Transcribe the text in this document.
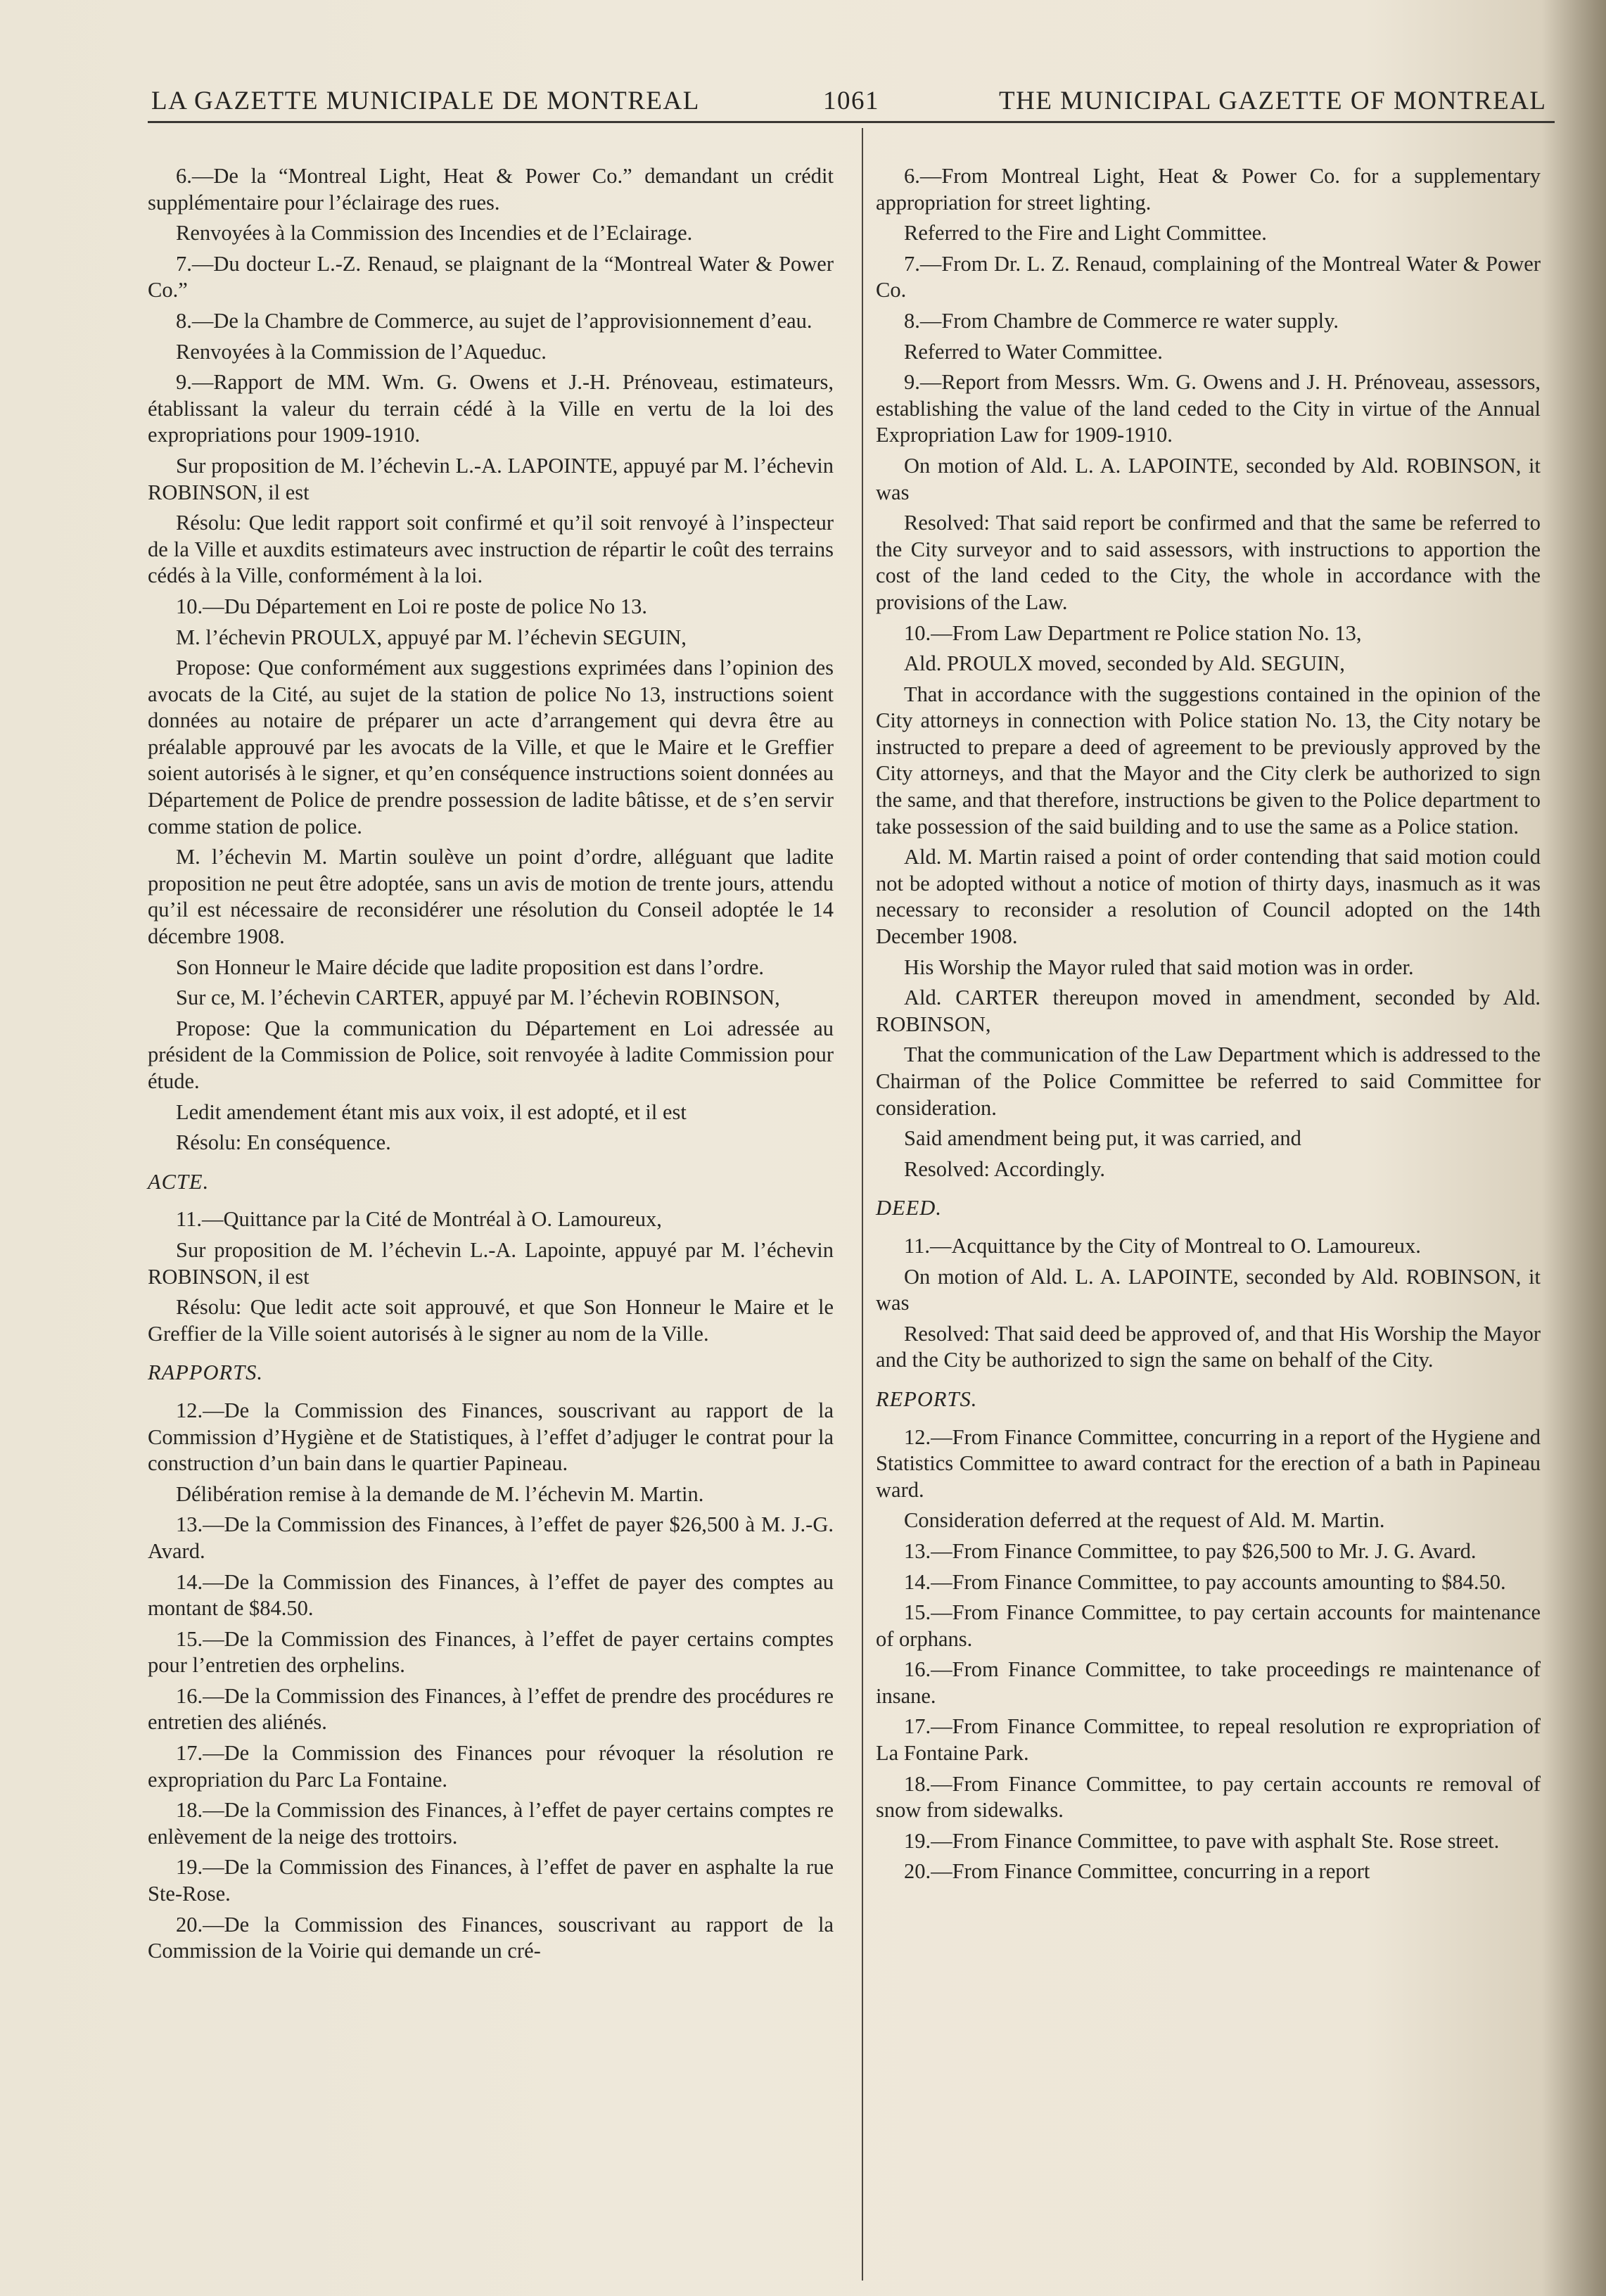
LA GAZETTE MUNICIPALE DE MONTREAL	1061	THE MUNICIPAL GAZETTE OF MONTREAL

6.—De la “Montreal Light, Heat & Power Co.” demandant un crédit supplémentaire pour l’éclairage des rues.

Renvoyées à la Commission des Incendies et de l’Eclairage.

7.—Du docteur L.-Z. Renaud, se plaignant de la “Montreal Water & Power Co.”

8.—De la Chambre de Commerce, au sujet de l’approvisionnement d’eau.

Renvoyées à la Commission de l’Aqueduc.

9.—Rapport de MM. Wm. G. Owens et J.-H. Prénoveau, estimateurs, établissant la valeur du terrain cédé à la Ville en vertu de la loi des expropriations pour 1909-1910.

Sur proposition de M. l’échevin L.-A. LAPOINTE, appuyé par M. l’échevin ROBINSON, il est

Résolu: Que ledit rapport soit confirmé et qu’il soit renvoyé à l’inspecteur de la Ville et auxdits estimateurs avec instruction de répartir le coût des terrains cédés à la Ville, conformément à la loi.

10.—Du Département en Loi re poste de police No 13.

M. l’échevin PROULX, appuyé par M. l’échevin SEGUIN,

Propose: Que conformément aux suggestions exprimées dans l’opinion des avocats de la Cité, au sujet de la station de police No 13, instructions soient données au notaire de préparer un acte d’arrangement qui devra être au préalable approuvé par les avocats de la Ville, et que le Maire et le Greffier soient autorisés à le signer, et qu’en conséquence instructions soient données au Département de Police de prendre possession de ladite bâtisse, et de s’en servir comme station de police.

M. l’échevin M. Martin soulève un point d’ordre, alléguant que ladite proposition ne peut être adoptée, sans un avis de motion de trente jours, attendu qu’il est nécessaire de reconsidérer une résolution du Conseil adoptée le 14 décembre 1908.

Son Honneur le Maire décide que ladite proposition est dans l’ordre.

Sur ce, M. l’échevin CARTER, appuyé par M. l’échevin ROBINSON,

Propose: Que la communication du Département en Loi adressée au président de la Commission de Police, soit renvoyée à ladite Commission pour étude.

Ledit amendement étant mis aux voix, il est adopté, et il est

Résolu: En conséquence.

ACTE.

11.—Quittance par la Cité de Montréal à O. Lamoureux,

Sur proposition de M. l’échevin L.-A. Lapointe, appuyé par M. l’échevin ROBINSON, il est

Résolu: Que ledit acte soit approuvé, et que Son Honneur le Maire et le Greffier de la Ville soient autorisés à le signer au nom de la Ville.

RAPPORTS.

12.—De la Commission des Finances, souscrivant au rapport de la Commission d’Hygiène et de Statistiques, à l’effet d’adjuger le contrat pour la construction d’un bain dans le quartier Papineau.

Délibération remise à la demande de M. l’échevin M. Martin.

13.—De la Commission des Finances, à l’effet de payer $26,500 à M. J.-G. Avard.

14.—De la Commission des Finances, à l’effet de payer des comptes au montant de $84.50.

15.—De la Commission des Finances, à l’effet de payer certains comptes pour l’entretien des orphelins.

16.—De la Commission des Finances, à l’effet de prendre des procédures re entretien des aliénés.

17.—De la Commission des Finances pour révoquer la résolution re expropriation du Parc La Fontaine.

18.—De la Commission des Finances, à l’effet de payer certains comptes re enlèvement de la neige des trottoirs.

19.—De la Commission des Finances, à l’effet de paver en asphalte la rue Ste-Rose.

20.—De la Commission des Finances, souscrivant au rapport de la Commission de la Voirie qui demande un cré-

6.—From Montreal Light, Heat & Power Co. for a supplementary appropriation for street lighting.

Referred to the Fire and Light Committee.

7.—From Dr. L. Z. Renaud, complaining of the Montreal Water & Power Co.

8.—From Chambre de Commerce re water supply.

Referred to Water Committee.

9.—Report from Messrs. Wm. G. Owens and J. H. Prénoveau, assessors, establishing the value of the land ceded to the City in virtue of the Annual Expropriation Law for 1909-1910.

On motion of Ald. L. A. LAPOINTE, seconded by Ald. ROBINSON, it was

Resolved: That said report be confirmed and that the same be referred to the City surveyor and to said assessors, with instructions to apportion the cost of the land ceded to the City, the whole in accordance with the provisions of the Law.

10.—From Law Department re Police station No. 13,

Ald. PROULX moved, seconded by Ald. SEGUIN,

That in accordance with the suggestions contained in the opinion of the City attorneys in connection with Police station No. 13, the City notary be instructed to prepare a deed of agreement to be previously approved by the City attorneys, and that the Mayor and the City clerk be authorized to sign the same, and that therefore, instructions be given to the Police department to take possession of the said building and to use the same as a Police station.

Ald. M. Martin raised a point of order contending that said motion could not be adopted without a notice of motion of thirty days, inasmuch as it was necessary to reconsider a resolution of Council adopted on the 14th December 1908.

His Worship the Mayor ruled that said motion was in order.

Ald. CARTER thereupon moved in amendment, seconded by Ald. ROBINSON,

That the communication of the Law Department which is addressed to the Chairman of the Police Committee be referred to said Committee for consideration.

Said amendment being put, it was carried, and

Resolved: Accordingly.

DEED.

11.—Acquittance by the City of Montreal to O. Lamoureux.

On motion of Ald. L. A. LAPOINTE, seconded by Ald. ROBINSON, it was

Resolved: That said deed be approved of, and that His Worship the Mayor and the City be authorized to sign the same on behalf of the City.

REPORTS.

12.—From Finance Committee, concurring in a report of the Hygiene and Statistics Committee to award contract for the erection of a bath in Papineau ward.

Consideration deferred at the request of Ald. M. Martin.

13.—From Finance Committee, to pay $26,500 to Mr. J. G. Avard.

14.—From Finance Committee, to pay accounts amounting to $84.50.

15.—From Finance Committee, to pay certain accounts for maintenance of orphans.

16.—From Finance Committee, to take proceedings re maintenance of insane.

17.—From Finance Committee, to repeal resolution re expropriation of La Fontaine Park.

18.—From Finance Committee, to pay certain accounts re removal of snow from sidewalks.

19.—From Finance Committee, to pave with asphalt Ste. Rose street.

20.—From Finance Committee, concurring in a report
